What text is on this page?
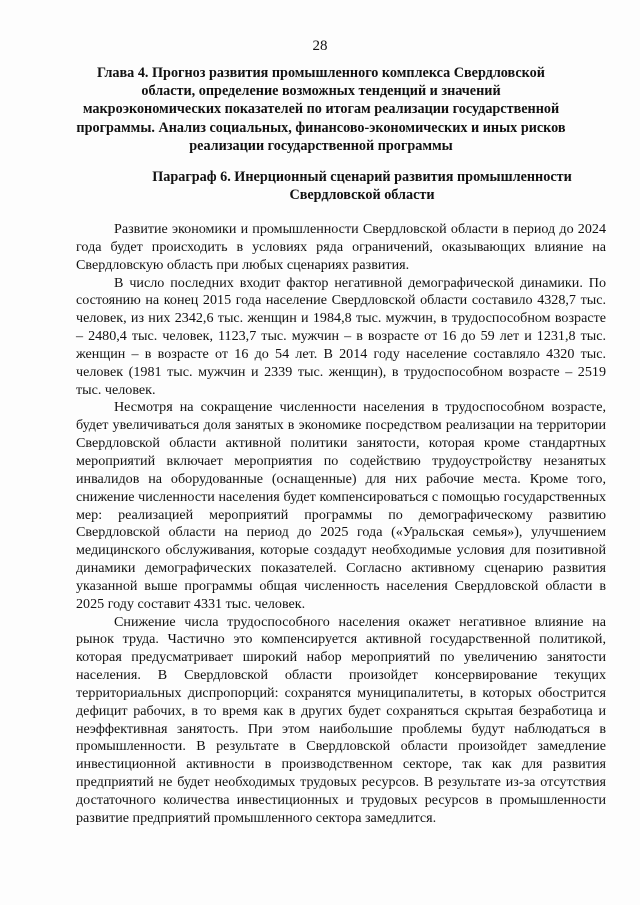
28
Глава 4. Прогноз развития промышленного комплекса Свердловской области, определение возможных тенденций и значений макроэкономических показателей по итогам реализации государственной программы. Анализ социальных, финансово-экономических и иных рисков реализации государственной программы
Параграф 6. Инерционный сценарий развития промышленности Свердловской области

Развитие экономики и промышленности Свердловской области в период до 2024 года будет происходить в условиях ряда ограничений, оказывающих влияние на Свердловскую область при любых сценариях развития.

В число последних входит фактор негативной демографической динамики. По состоянию на конец 2015 года население Свердловской области составило 4328,7 тыс. человек, из них 2342,6 тыс. женщин и 1984,8 тыс. мужчин, в трудоспособном возрасте – 2480,4 тыс. человек, 1123,7 тыс. мужчин – в возрасте от 16 до 59 лет и 1231,8 тыс. женщин – в возрасте от 16 до 54 лет. В 2014 году население составляло 4320 тыс. человек (1981 тыс. мужчин и 2339 тыс. женщин), в трудоспособном возрасте – 2519 тыс. человек.

Несмотря на сокращение численности населения в трудоспособном возрасте, будет увеличиваться доля занятых в экономике посредством реализации на территории Свердловской области активной политики занятости, которая кроме стандартных мероприятий включает мероприятия по содействию трудоустройству незанятых инвалидов на оборудованные (оснащенные) для них рабочие места. Кроме того, снижение численности населения будет компенсироваться с помощью государственных мер: реализацией мероприятий программы по демографическому развитию Свердловской области на период до 2025 года («Уральская семья»), улучшением медицинского обслуживания, которые создадут необходимые условия для позитивной динамики демографических показателей. Согласно активному сценарию развития указанной выше программы общая численность населения Свердловской области в 2025 году составит 4331 тыс. человек.

Снижение числа трудоспособного населения окажет негативное влияние на рынок труда. Частично это компенсируется активной государственной политикой, которая предусматривает широкий набор мероприятий по увеличению занятости населения. В Свердловской области произойдет консервирование текущих территориальных диспропорций: сохранятся муниципалитеты, в которых обострится дефицит рабочих, в то время как в других будет сохраняться скрытая безработица и неэффективная занятость. При этом наибольшие проблемы будут наблюдаться в промышленности. В результате в Свердловской области произойдет замедление инвестиционной активности в производственном секторе, так как для развития предприятий не будет необходимых трудовых ресурсов. В результате из-за отсутствия достаточного количества инвестиционных и трудовых ресурсов в промышленности развитие предприятий промышленного сектора замедлится.
